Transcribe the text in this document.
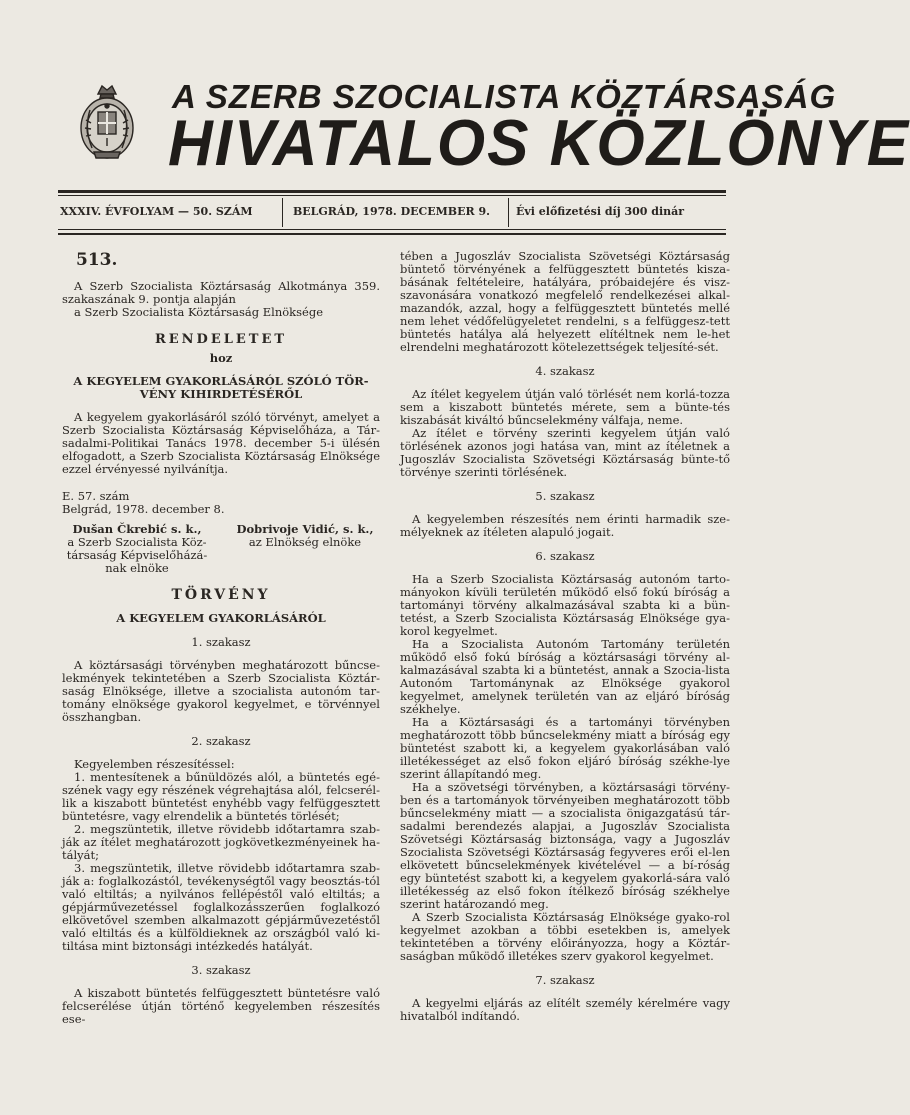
A SZERB SZOCIALISTA KÖZTÁRSASÁG
HIVATALOS KÖZLÖNYE
XXXIV. ÉVFOLYAM — 50. SZÁM	BELGRÁD, 1978. DECEMBER 9. Évi előfizetési díj 300 dinár

513.

A Szerb Szocialista Köztársaság Alkotmánya 359. szakaszának 9. pontja alapján

a Szerb Szocialista Köztársaság Elnöksége

RENDELETET

hoz

A KEGYELEM GYAKORLÁSÁRÓL SZÓLÓ TÖR-VÉNY KIHIRDETÉSÉRŐL

A kegyelem gyakorlásáról szóló törvényt, amelyet a Szerb Szocialista Köztársaság Képviselőháza, a Tár-sadalmi-Politikai Tanács 1978. december 5-i ülésén elfogadott, a Szerb Szocialista Köztársaság Elnöksége ezzel érvényessé nyilvánítja.

E. 57. szám

Belgrád, 1978. december 8.

Dušan Čkrebić s. k.,
a Szerb Szocialista Köz-társaság Képviselőházá-nak elnöke
Dobrivoje Vidić, s. k.,
az Elnökség elnöke

TÖRVÉNY

A KEGYELEM GYAKORLÁSÁRÓL

1. szakasz

A köztársasági törvényben meghatározott bűncse-lekmények tekintetében a Szerb Szocialista Köztár-saság Elnöksége, illetve a szocialista autonóm tar-tomány elnöksége gyakorol kegyelmet, e törvénnyel összhangban.

2. szakasz

Kegyelemben részesítéssel:

1. mentesítenek a bűnüldözés alól, a büntetés egé-szének vagy egy részének végrehajtása alól, felcserél-lik a kiszabott büntetést enyhébb vagy felfüggesztett büntetésre, vagy elrendelik a büntetés törlését;

2. megszüntetik, illetve rövidebb időtartamra szab-ják az ítélet meghatározott jogkövetkezményeinek ha-tályát;

3. megszüntetik, illetve rövidebb időtartamra szab-ják a: foglalkozástól, tevékenységtől vagy beosztás-tól való eltiltás; a nyilvános fellépéstől való eltiltás; a gépjárművezetéssel foglalkozásszerűen foglalkozó elkövetővel szemben alkalmazott gépjárművezetéstől való eltiltás és a külföldieknek az országból való ki-tiltása mint biztonsági intézkedés hatályát.

3. szakasz

A kiszabott büntetés felfüggesztett büntetésre való felcserélése útján történő kegyelemben részesítés ese-

tében a Jugoszláv Szocialista Szövetségi Köztársaság büntető törvényének a felfüggesztett büntetés kisza-básának feltételeire, hatályára, próbaidejére és visz-szavonására vonatkozó megfelelő rendelkezései alkal-mazandók, azzal, hogy a felfüggesztett büntetés mellé nem lehet védőfelügyeletet rendelni, s a felfüggesz-tett büntetés hatálya alá helyezett elítéltnek nem le-het elrendelni meghatározott kötelezettségek teljesíté-sét.

4. szakasz

Az ítélet kegyelem útján való törlését nem korlá-tozza sem a kiszabott büntetés mérete, sem a bünte-tés kiszabását kiváltó bűncselekmény válfaja, neme.

Az ítélet e törvény szerinti kegyelem útján való törlésének azonos jogi hatása van, mint az ítéletnek a Jugoszláv Szocialista Szövetségi Köztársaság bünte-tő törvénye szerinti törlésének.

5. szakasz

A kegyelemben részesítés nem érinti harmadik sze-mélyeknek az ítéleten alapuló jogait.

6. szakasz

Ha a Szerb Szocialista Köztársaság autonóm tarto-mányokon kívüli területén működő első fokú bíróság a tartományi törvény alkalmazásával szabta ki a bün-tetést, a Szerb Szocialista Köztársaság Elnöksége gya-korol kegyelmet.

Ha a Szocialista Autonóm Tartomány területén működő első fokú bíróság a köztársasági törvény al-kalmazásával szabta ki a büntetést, annak a Szocia-lista Autonóm Tartománynak az Elnöksége gyakorol kegyelmet, amelynek területén van az eljáró bíróság székhelye.

Ha a Köztársasági és a tartományi törvényben meghatározott több bűncselekmény miatt a bíróság egy büntetést szabott ki, a kegyelem gyakorlásában való illetékességet az első fokon eljáró bíróság székhe-lye szerint állapítandó meg.

Ha a szövetségi törvényben, a köztársasági törvény-ben és a tartományok törvényeiben meghatározott több bűncselekmény miatt — a szocialista önigazgatású tár-sadalmi berendezés alapjai, a Jugoszláv Szocialista Szövetségi Köztársaság biztonsága, vagy a Jugoszláv Szocialista Szövetségi Köztársaság fegyveres erői el-len elkövetett bűncselekmények kivételével — a bí-róság egy büntetést szabott ki, a kegyelem gyakorlá-sára való illetékesség az első fokon ítélkező bíróság székhelye szerint határozandó meg.

A Szerb Szocialista Köztársaság Elnöksége gyako-rol kegyelmet azokban a többi esetekben is, amelyek tekintetében a törvény előirányozza, hogy a Köztár-saságban működő illetékes szerv gyakorol kegyelmet.

7. szakasz

A kegyelmi eljárás az elítélt személy kérelmére vagy hivatalból indítandó.
